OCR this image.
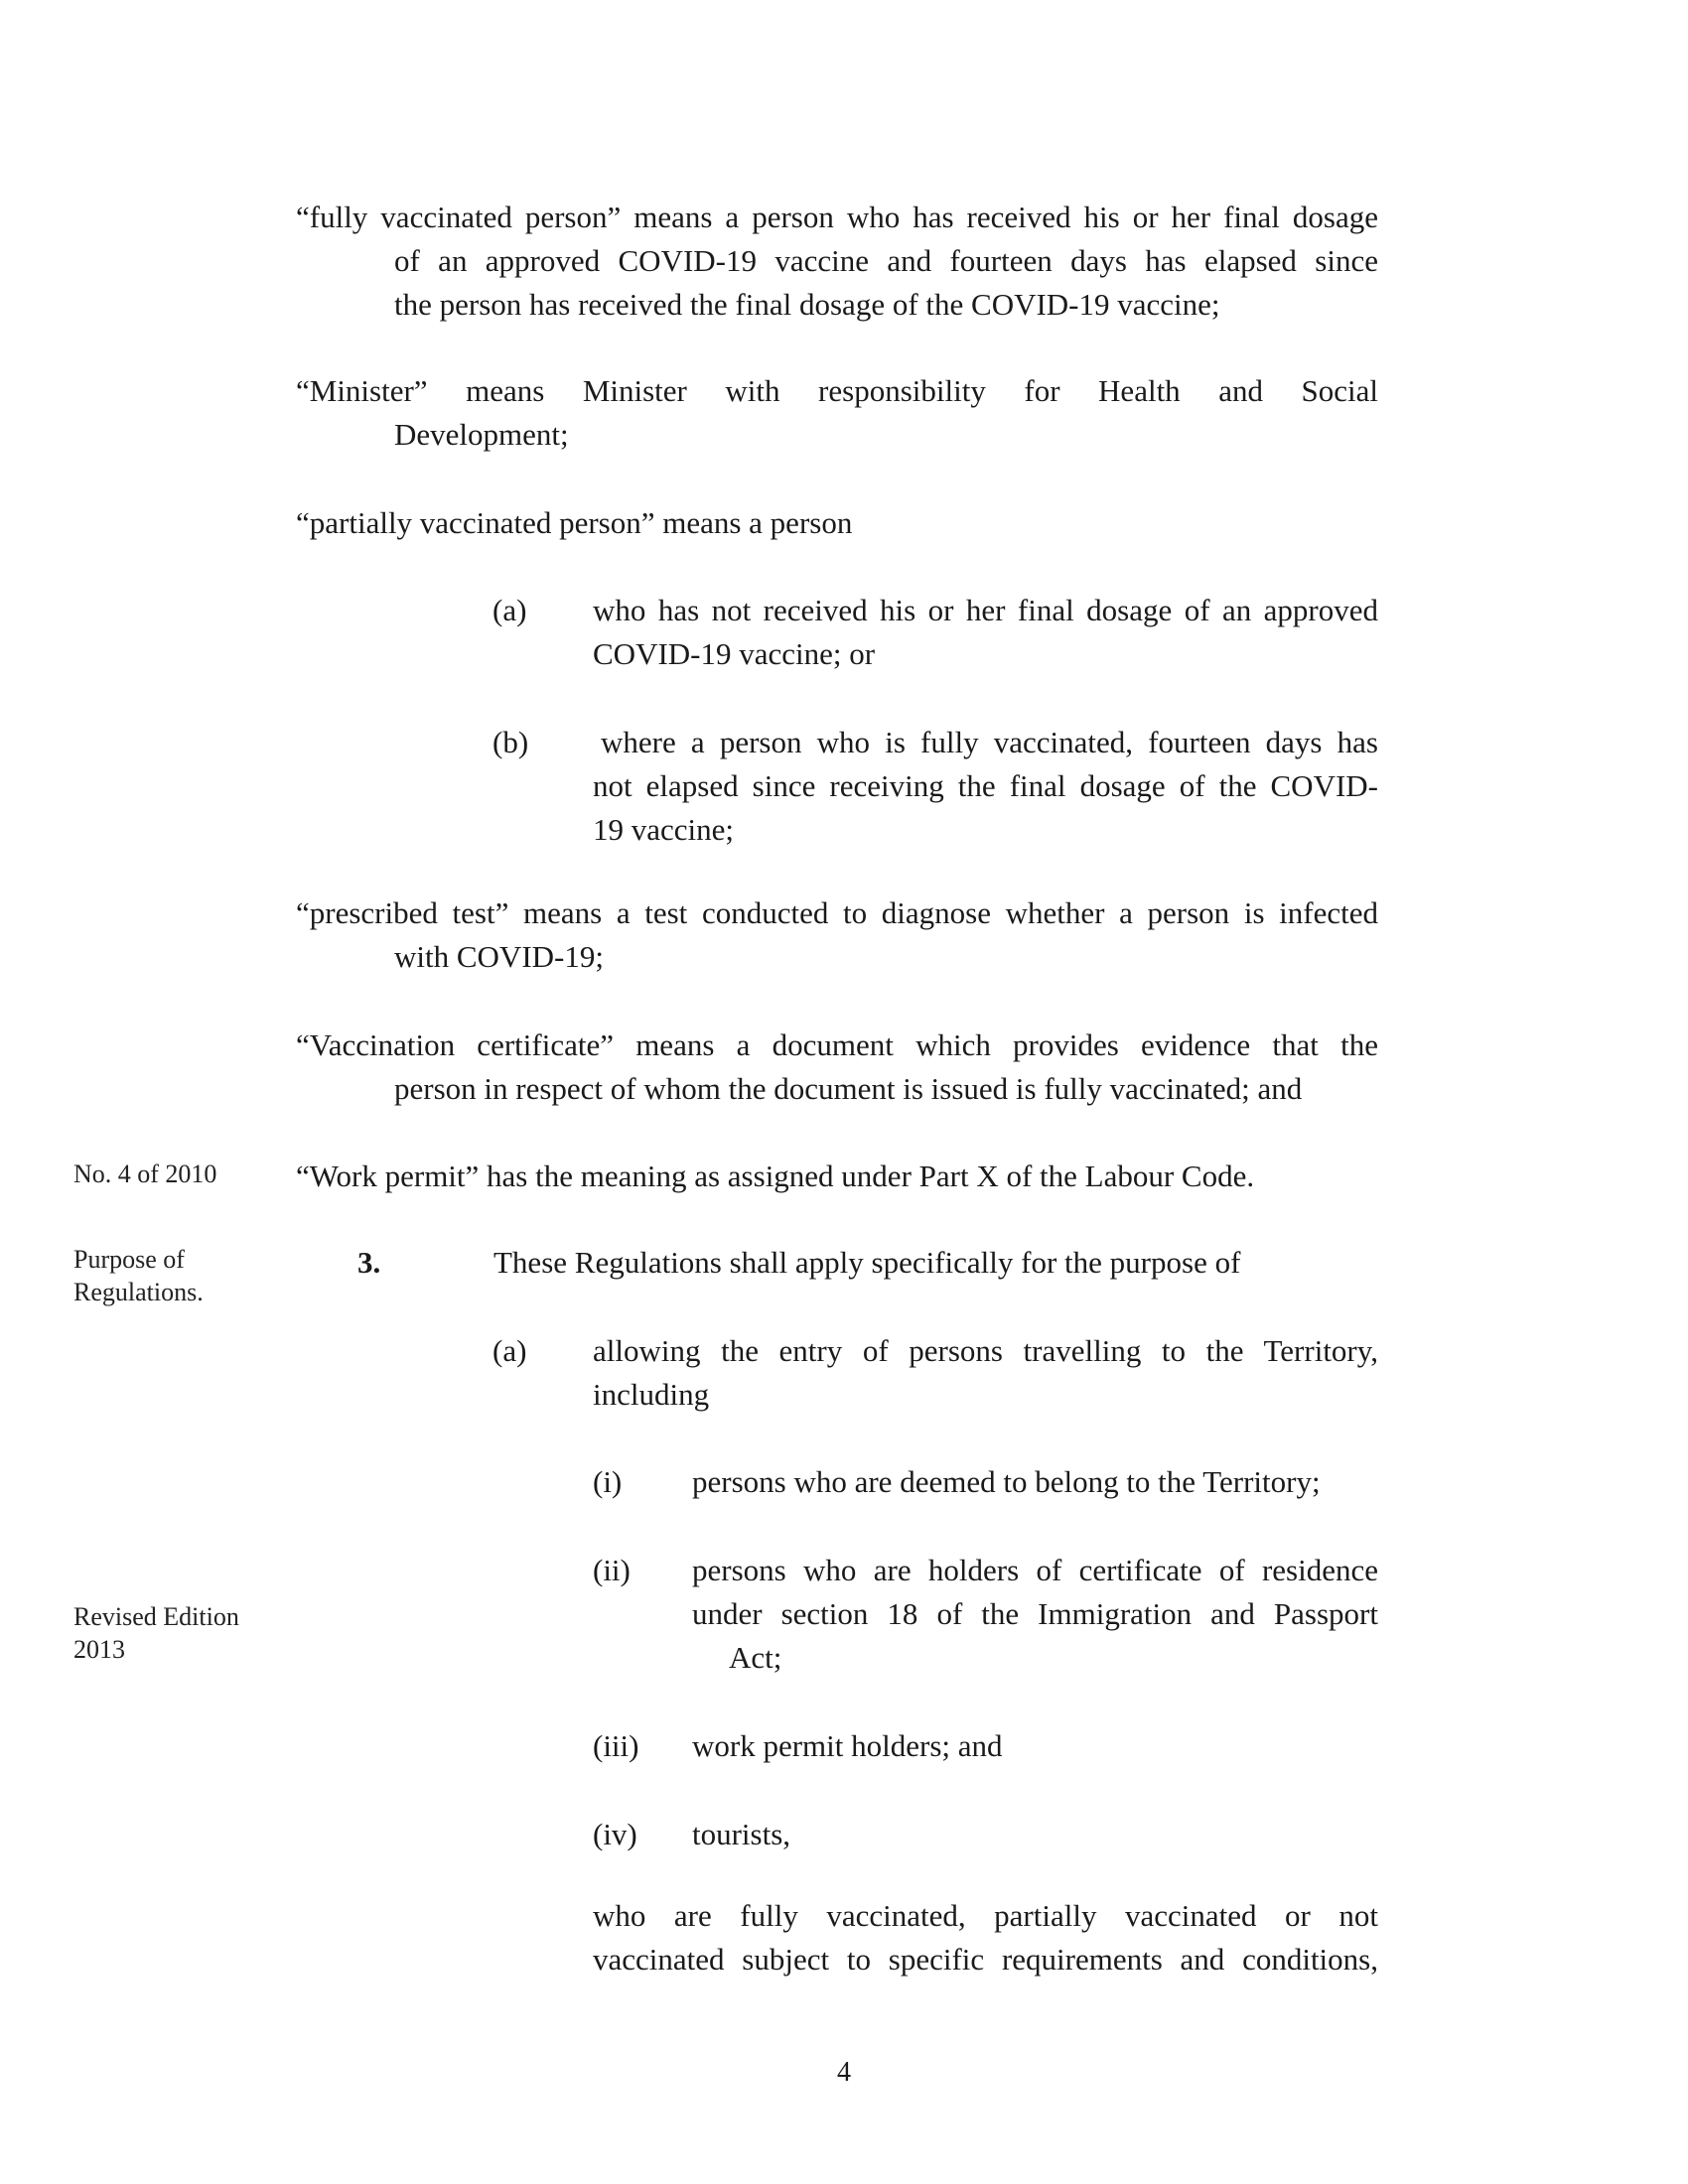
“fully vaccinated person” means a person who has received his or her final dosage
of an approved COVID-19 vaccine and fourteen days has elapsed since
the person has received the final dosage of the COVID-19 vaccine;
“Minister” means Minister with responsibility for Health and Social
Development;
“partially vaccinated person” means a person
(a) who has not received his or her final dosage of an approved
COVID-19 vaccine; or
(b) where a person who is fully vaccinated, fourteen days has
not elapsed since receiving the final dosage of the COVID-
19 vaccine;
“prescribed test” means a test conducted to diagnose whether a person is infected
with COVID-19;
“Vaccination certificate” means a document which provides evidence that the
person in respect of whom the document is issued is fully vaccinated; and
No. 4 of 2010	“Work permit” has the meaning as assigned under Part X of the Labour Code.
Purpose of
Regulations.
3.	These Regulations shall apply specifically for the purpose of
(a) allowing the entry of persons travelling to the Territory,
including
(i) persons who are deemed to belong to the Territory;
(ii) persons who are holders of certificate of residence
under section 18 of the Immigration and Passport
Act;
(iii) work permit holders; and
(iv) tourists,
who are fully vaccinated, partially vaccinated or not
vaccinated subject to specific requirements and conditions,
Revised Edition
2013
4
